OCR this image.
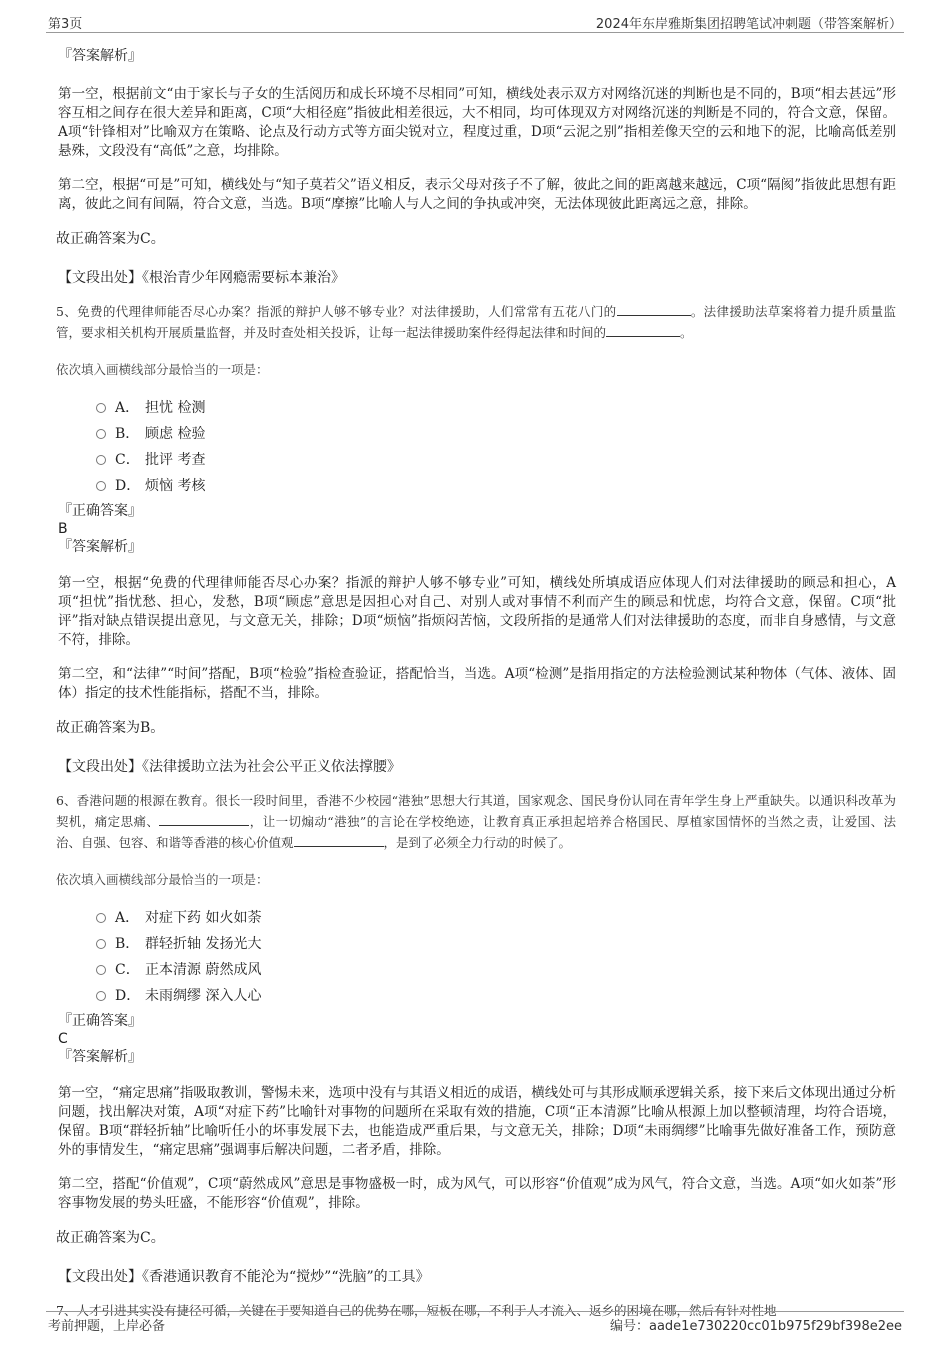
第3页	2024年东岸雅斯集团招聘笔试冲刺题（带答案解析）

『答案解析』

第一空，根据前文“由于家长与子女的生活阅历和成长环境不尽相同”可知，横线处表示双方对网络沉迷的判断也是不同的，B项“相去甚远”形容互相之间存在很大差异和距离，C项“大相径庭”指彼此相差很远，大不相同，均可体现双方对网络沉迷的判断是不同的，符合文意，保留。A项“针锋相对”比喻双方在策略、论点及行动方式等方面尖锐对立，程度过重，D项“云泥之别”指相差像天空的云和地下的泥，比喻高低差别悬殊，文段没有“高低”之意，均排除。

第二空，根据“可是”可知，横线处与“知子莫若父”语义相反，表示父母对孩子不了解，彼此之间的距离越来越远，C项“隔阂”指彼此思想有距离，彼此之间有间隔，符合文意，当选。B项“摩擦”比喻人与人之间的争执或冲突，无法体现彼此距离远之意，排除。

故正确答案为C。

【文段出处】《根治青少年网瘾需要标本兼治》

5、免费的代理律师能否尽心办案？指派的辩护人够不够专业？对法律援助，人们常常有五花八门的	。法律援助法草案将着力提升质量监管，要求相关机构开展质量监督，并及时查处相关投诉，让每一起法律援助案件经得起法律和时间的	。

依次填入画横线部分最恰当的一项是：

A． 担忧 检测
B． 顾虑 检验
C． 批评 考查
D． 烦恼 考核

『正确答案』

B

『答案解析』

第一空，根据“免费的代理律师能否尽心办案？指派的辩护人够不够专业”可知，横线处所填成语应体现人们对法律援助的顾忌和担心，A项“担忧”指忧愁、担心，发愁，B项“顾虑”意思是因担心对自己、对别人或对事情不利而产生的顾忌和忧虑，均符合文意，保留。C项“批评”指对缺点错误提出意见，与文意无关，排除；D项“烦恼”指烦闷苦恼，文段所指的是通常人们对法律援助的态度，而非自身感情，与文意不符，排除。

第二空，和“法律”“时间”搭配，B项“检验”指检查验证，搭配恰当，当选。A项“检测”是指用指定的方法检验测试某种物体（气体、液体、固体）指定的技术性能指标，搭配不当，排除。

故正确答案为B。

【文段出处】《法律援助立法为社会公平正义依法撑腰》

6、香港问题的根源在教育。很长一段时间里，香港不少校园“港独”思想大行其道，国家观念、国民身份认同在青年学生身上严重缺失。以通识科改革为契机，痛定思痛、	，让一切煽动“港独”的言论在学校绝迹，让教育真正承担起培养合格国民、厚植家国情怀的当然之责，让爱国、法治、自强、包容、和谐等香港的核心价值观	，是到了必须全力行动的时候了。

依次填入画横线部分最恰当的一项是：

A． 对症下药 如火如荼
B． 群轻折轴 发扬光大
C． 正本清源 蔚然成风
D． 未雨绸缪 深入人心

『正确答案』

C

『答案解析』

第一空，“痛定思痛”指吸取教训，警惕未来，选项中没有与其语义相近的成语，横线处可与其形成顺承逻辑关系，接下来后文体现出通过分析问题，找出解决对策，A项“对症下药”比喻针对事物的问题所在采取有效的措施，C项“正本清源”比喻从根源上加以整顿清理，均符合语境，保留。B项“群轻折轴”比喻听任小的坏事发展下去，也能造成严重后果，与文意无关，排除；D项“未雨绸缪”比喻事先做好准备工作，预防意外的事情发生，“痛定思痛”强调事后解决问题，二者矛盾，排除。

第二空，搭配“价值观”，C项“蔚然成风”意思是事物盛极一时，成为风气，可以形容“价值观”成为风气，符合文意，当选。A项“如火如荼”形容事物发展的势头旺盛，不能形容“价值观”，排除。

故正确答案为C。

【文段出处】《香港通识教育不能沦为“搅炒”“洗脑”的工具》

7、人才引进其实没有捷径可循，关键在于要知道自己的优势在哪，短板在哪，不利于人才流入、返乡的困境在哪，然后有针对性地

考前押题，上岸必备	编号：aade1e730220cc01b975f29bf398e2ee
